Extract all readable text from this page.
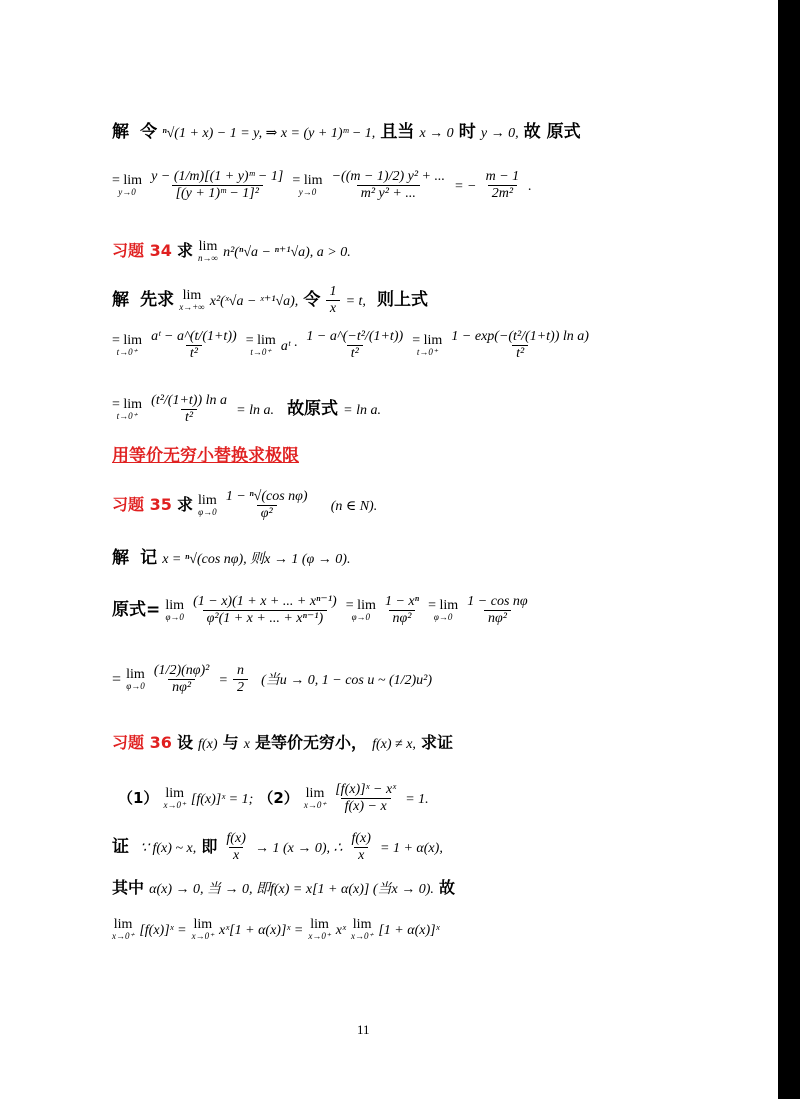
解 令 ⁿ√(1 + x) − 1 = y, ⇒ x = (y + 1)ᵐ − 1, 且当 x → 0 时 y → 0, 故 原式
= lim
y→0
$\frac{\text{y − (1/m)[(1 + y)ᵐ − 1]}}{\text{[(y + 1)ᵐ − 1]²}}$
= lim
y→0
$\frac{\text{−((m − 1)/2) y² + ...}}{\text{m² y² + ...}}$ = − $\frac{m - 1}{\text{2m²}}$ .
习题 34 求 lim
n→∞ n²(ⁿ√a − ⁿ⁺¹√a), a > 0.
解 先求 lim
x→+∞ x²(ˣ√a − ˣ⁺¹√a), 令 $\frac{1}{x} = t$, 则上式
= lim
t→0⁺
$\frac{\text{aᵗ − a\textasciicircum{}(t/(1+t))}}{\text{t²}}$
= lim
t→0⁺ aᵗ · $\frac{\text{1 − a\textasciicircum{}(−t²/(1+t))}}{\text{t²}}$
= lim
t→0⁺
$\frac{\text{1 − exp(−(t²/(1+t)) ln a)}}{\text{t²}}$
= lim
t→0⁺
$\frac{\text{(t²/(1+t)) ln a}}{\text{t²}} = \ln a$. 故原式 = ln a.
用等价无穷小替换求极限
习题 35 求 lim
φ→0
$\frac{\text{1 − ⁿ√(cos nφ)}}{\text{φ²}} (n$ ∈ N).
解 记 x = ⁿ√(cos nφ), 则x → 1 (φ → 0).
原式= lim
φ→0
$\frac{\text{(1 − x)(1 + x + ... + xⁿ⁻¹)}}{\text{φ²(1 + x + ... + xⁿ⁻¹)}}$
= lim
φ→0
$\frac{\text{1 − xⁿ}}{\text{nφ²}}$
= lim
φ→0
$\frac{\text{1 − cos nφ}}{\text{nφ²}}$
= lim
φ→0
$\frac{\text{(1/2)(nφ)²}}{\text{nφ²}} = \frac{n}{2}$ (当u → 0, 1 − cos u ~ (1/2)u²)
习题 36 设 f(x) 与 x 是等价无穷小， f(x) ≠ x, 求证
（1） lim
x→0⁺ [f(x)]ˣ = 1; （2） lim
x→0⁺
$\frac{\text{[f(x)]ˣ − xˣ}}{f(x) - x} = 1$.
证 ∵ f(x) ~ x, 即 $\frac{f(x)}{x} \to 1$ (x → 0), ∴ $\frac{f(x)}{x} = 1 + \alpha(x)$,
其中 α(x) → 0, 当 → 0, 即f(x) = x[1 + α(x)] (当x → 0). 故
lim
x→0⁺ [f(x)]ˣ = lim
x→0⁺ xˣ[1 + α(x)]ˣ = lim
x→0⁺ xˣ lim
x→0⁺ [1 + α(x)]ˣ
11
